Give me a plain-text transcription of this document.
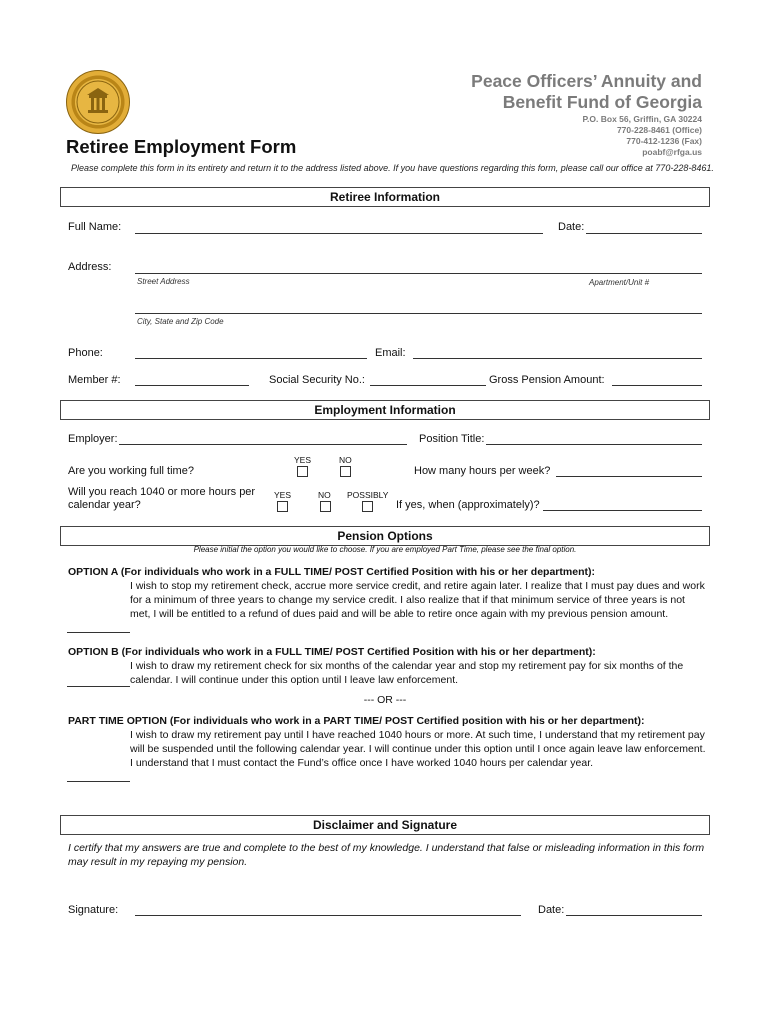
Peace Officers’ Annuity and
Benefit Fund of Georgia
P.O. Box 56, Griffin, GA 30224
770-228-8461 (Office)
770-412-1236 (Fax)
poabf@rfga.us
Retiree Employment Form
Please complete this form in its entirety and return it to the address listed above. If you have questions regarding this form, please call our office at 770-228-8461.
Retiree Information
Full Name:	Date:
Address:
Street Address	Apartment/Unit #
City, State and Zip Code
Phone:	Email:
Member #:	Social Security No.:	Gross Pension Amount:
Employment Information
Employer:	Position Title:
YES	NO
Are you working full time?	How many hours per week?
Will you reach 1040 or more hours per
calendar year?
YES	NO POSSIBLY
If yes, when (approximately)?
Pension Options
Please initial the option you would like to choose. If you are employed Part Time, please see the final option.
OPTION A (For individuals who work in a FULL TIME/ POST Certified Position with his or her department):
I wish to stop my retirement check, accrue more service credit, and retire again later. I realize that I must pay dues and work for a minimum of three years to change my service credit. I also realize that if that minimum service of three years is not met, I will be entitled to a refund of dues paid and will be able to retire once again with my previous pension amount.
OPTION B (For individuals who work in a FULL TIME/ POST Certified Position with his or her department):
I wish to draw my retirement check for six months of the calendar year and stop my retirement pay for six months of the calendar. I will continue under this option until I leave law enforcement.
--- OR ---
PART TIME OPTION (For individuals who work in a PART TIME/ POST Certified position with his or her department):
I wish to draw my retirement pay until I have reached 1040 hours or more. At such time, I understand that my retirement pay will be suspended until the following calendar year. I will continue under this option until I once again leave law enforcement. I understand that I must contact the Fund’s office once I have worked 1040 hours per calendar year.
Disclaimer and Signature
I certify that my answers are true and complete to the best of my knowledge. I understand that false or misleading information in this form may result in my repaying my pension.
Signature:	Date:
